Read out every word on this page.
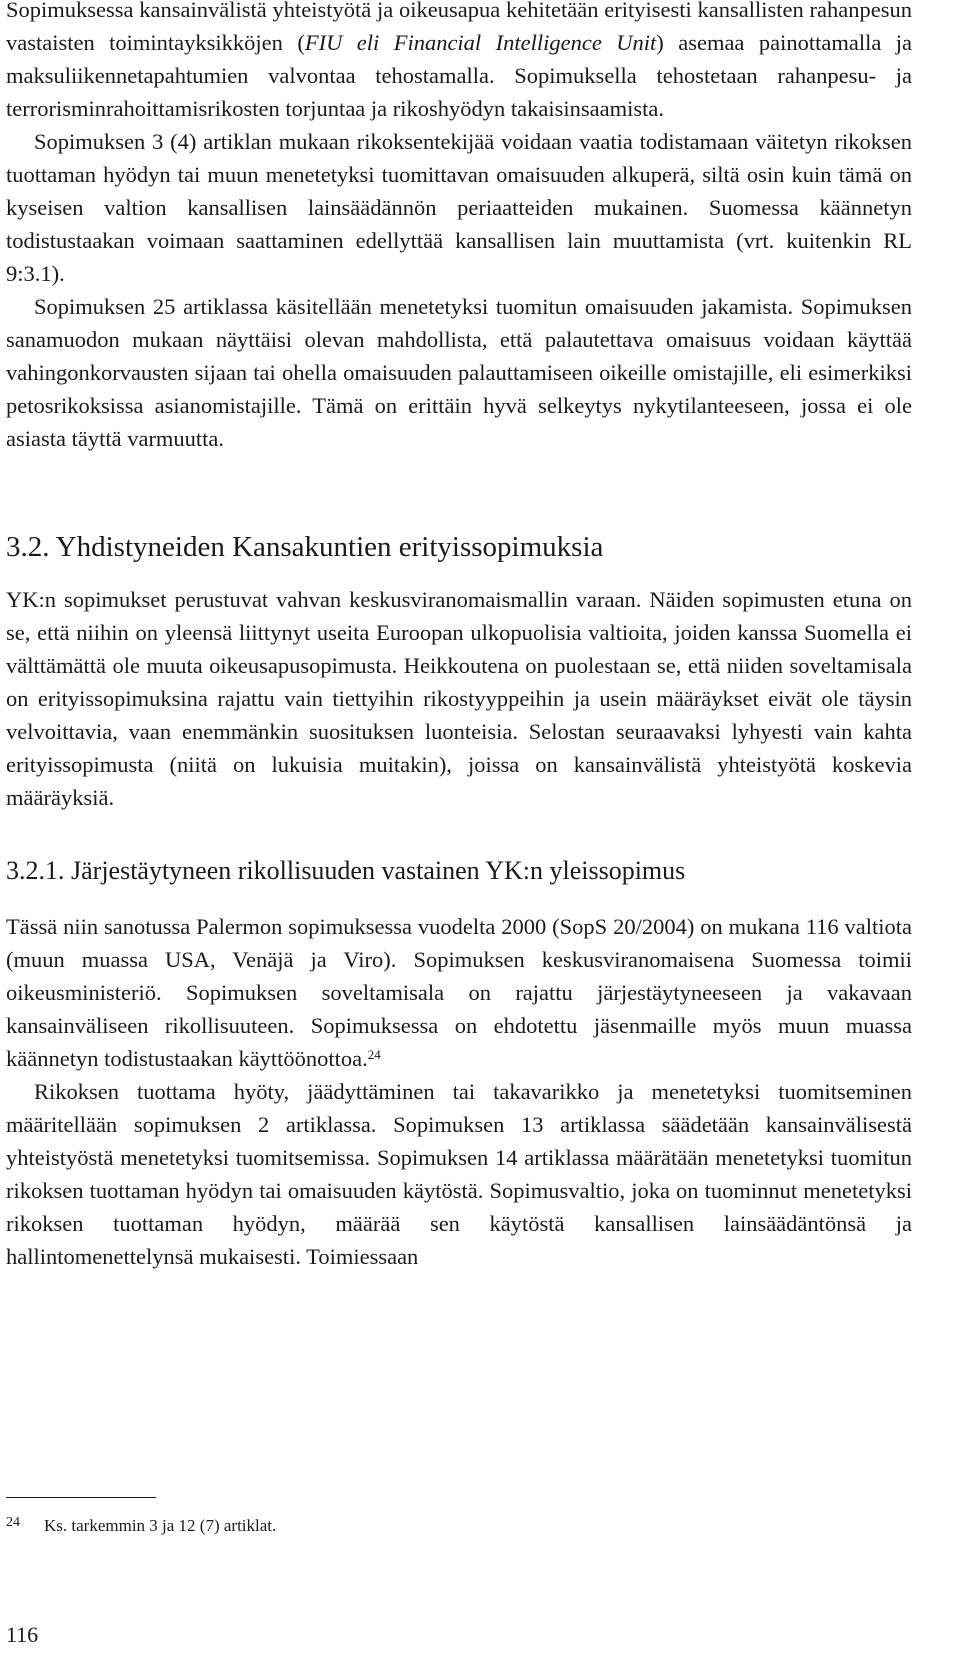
Sopimuksessa kansainvälistä yhteistyötä ja oikeusapua kehitetään erityisesti kansallisten rahanpesun vastaisten toimintayksikköjen (FIU eli Financial Intelligence Unit) asemaa painottamalla ja maksuliikennetapahtumien valvontaa tehostamalla. Sopimuksella tehostetaan rahanpesu- ja terrorisminrahoittamisrikosten torjuntaa ja rikoshyödyn takaisinsaamista.

Sopimuksen 3 (4) artiklan mukaan rikoksentekijää voidaan vaatia todistamaan väitetyn rikoksen tuottaman hyödyn tai muun menetetyksi tuomittavan omaisuuden alkuperä, siltä osin kuin tämä on kyseisen valtion kansallisen lainsäädännön periaatteiden mukainen. Suomessa käännetyn todistustaakan voimaan saattaminen edellyttää kansallisen lain muuttamista (vrt. kuitenkin RL 9:3.1).

Sopimuksen 25 artiklassa käsitellään menetetyksi tuomitun omaisuuden jakamista. Sopimuksen sanamuodon mukaan näyttäisi olevan mahdollista, että palautettava omaisuus voidaan käyttää vahingonkorvausten sijaan tai ohella omaisuuden palauttamiseen oikeille omistajille, eli esimerkiksi petosrikoksissa asianomistajille. Tämä on erittäin hyvä selkeytys nykytilanteeseen, jossa ei ole asiasta täyttä varmuutta.

3.2. Yhdistyneiden Kansakuntien erityissopimuksia

YK:n sopimukset perustuvat vahvan keskusviranomaismallin varaan. Näiden sopimusten etuna on se, että niihin on yleensä liittynyt useita Euroopan ulkopuolisia valtioita, joiden kanssa Suomella ei välttämättä ole muuta oikeusapusopimusta. Heikkoutena on puolestaan se, että niiden soveltamisala on erityissopimuksina rajattu vain tiettyihin rikostyyppeihin ja usein määräykset eivät ole täysin velvoittavia, vaan enemmänkin suosituksen luonteisia. Selostan seuraavaksi lyhyesti vain kahta erityissopimusta (niitä on lukuisia muitakin), joissa on kansainvälistä yhteistyötä koskevia määräyksiä.

3.2.1. Järjestäytyneen rikollisuuden vastainen YK:n yleissopimus

Tässä niin sanotussa Palermon sopimuksessa vuodelta 2000 (SopS 20/2004) on mukana 116 valtiota (muun muassa USA, Venäjä ja Viro). Sopimuksen keskusviranomaisena Suomessa toimii oikeusministeriö. Sopimuksen soveltamisala on rajattu järjestäytyneeseen ja vakavaan kansainväliseen rikollisuuteen. Sopimuksessa on ehdotettu jäsenmaille myös muun muassa käännetyn todistustaakan käyttöönottoa.$^{24}$

Rikoksen tuottama hyöty, jäädyttäminen tai takavarikko ja menetetyksi tuomitseminen määritellään sopimuksen 2 artiklassa. Sopimuksen 13 artiklassa säädetään kansainvälisestä yhteistyöstä menetetyksi tuomitsemissa. Sopimuksen 14 artiklassa määrätään menetetyksi tuomitun rikoksen tuottaman hyödyn tai omaisuuden käytöstä. Sopimusvaltio, joka on tuominnut menetetyksi rikoksen tuottaman hyödyn, määrää sen käytöstä kansallisen lainsäädäntönsä ja hallintomenettelynsä mukaisesti. Toimiessaan

24 Ks. tarkemmin 3 ja 12 (7) artiklat.
116
